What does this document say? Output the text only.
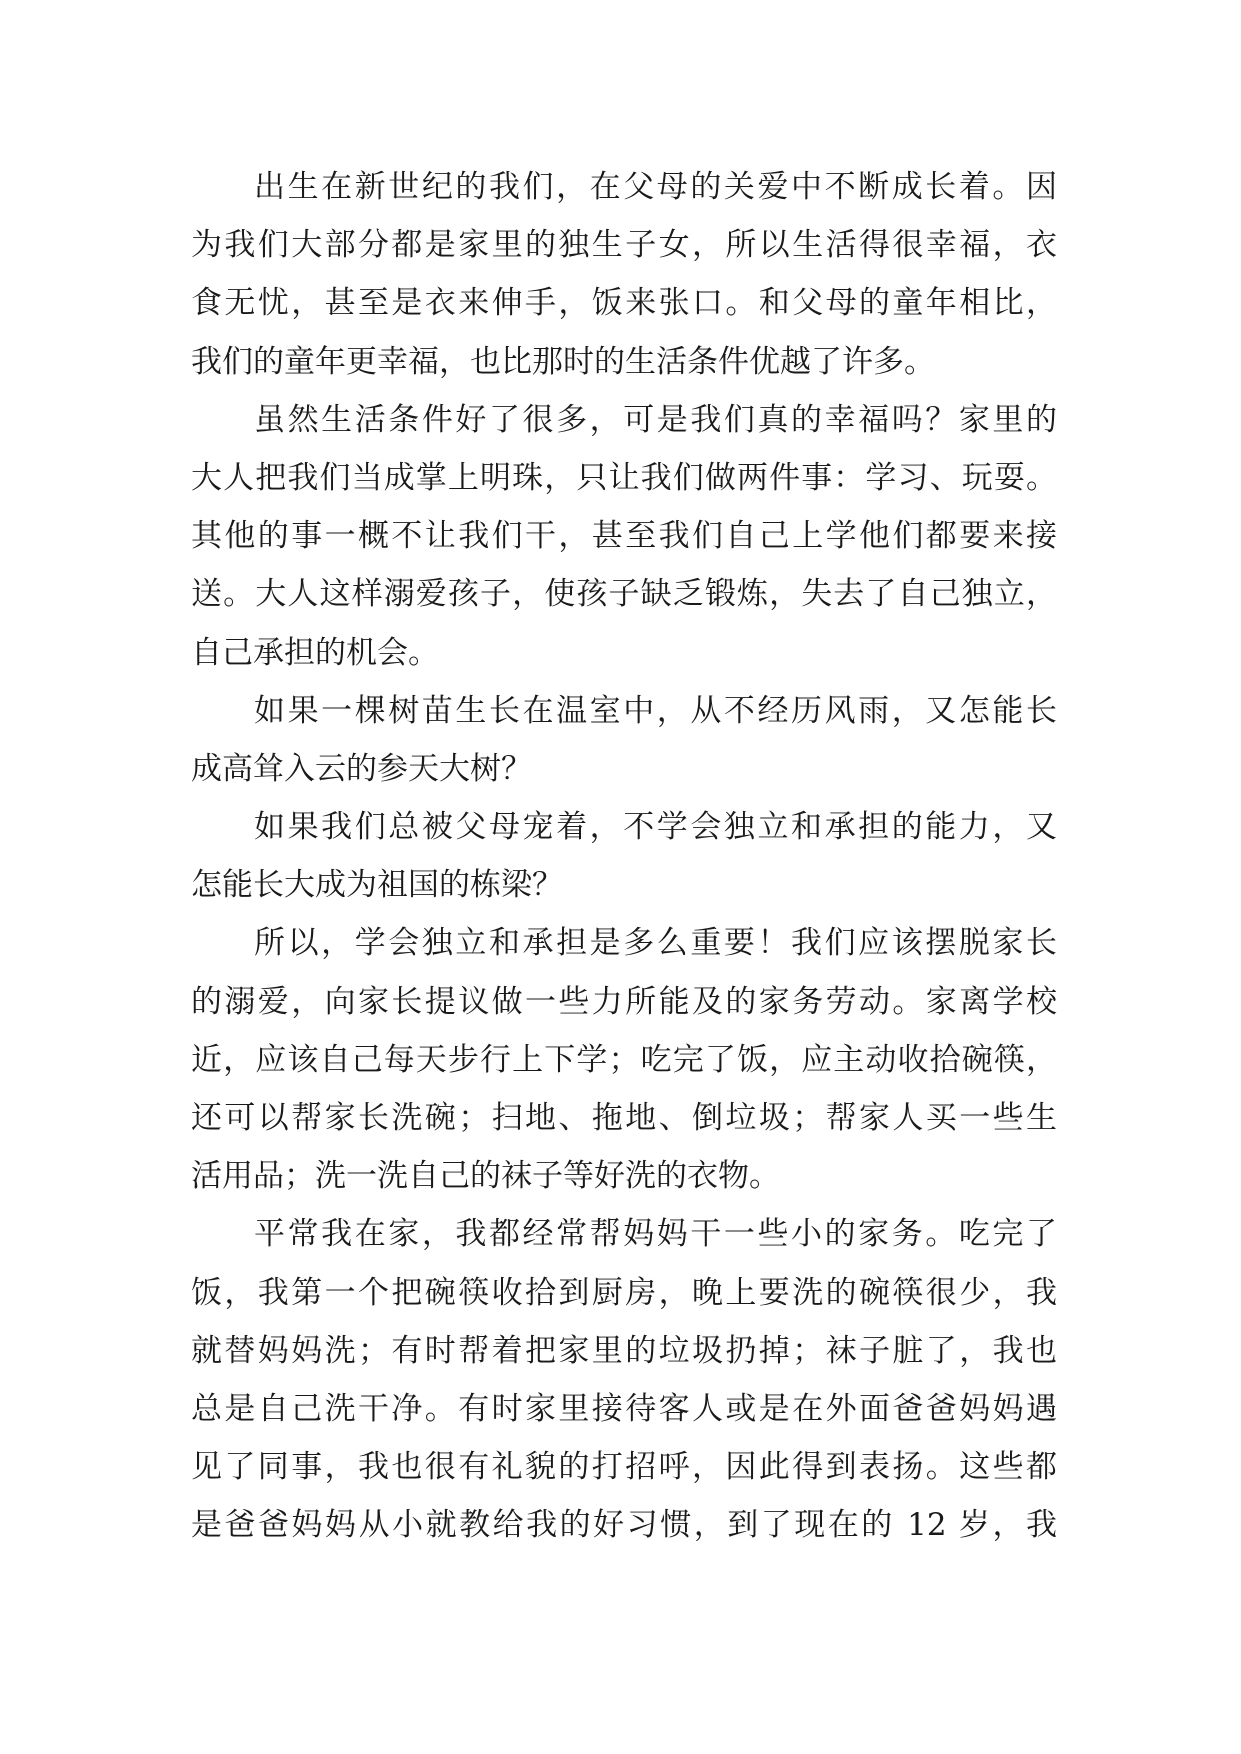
出生在新世纪的我们，在父母的关爱中不断成长着。因
为我们大部分都是家里的独生子女，所以生活得很幸福，衣
食无忧，甚至是衣来伸手，饭来张口。和父母的童年相比，
我们的童年更幸福，也比那时的生活条件优越了许多。
虽然生活条件好了很多，可是我们真的幸福吗？家里的
大人把我们当成掌上明珠，只让我们做两件事：学习、玩耍。
其他的事一概不让我们干，甚至我们自己上学他们都要来接
送。大人这样溺爱孩子，使孩子缺乏锻炼，失去了自己独立，
自己承担的机会。
如果一棵树苗生长在温室中，从不经历风雨，又怎能长
成高耸入云的参天大树？
如果我们总被父母宠着，不学会独立和承担的能力，又
怎能长大成为祖国的栋梁？
所以，学会独立和承担是多么重要！我们应该摆脱家长
的溺爱，向家长提议做一些力所能及的家务劳动。家离学校
近，应该自己每天步行上下学；吃完了饭，应主动收拾碗筷，
还可以帮家长洗碗；扫地、拖地、倒垃圾；帮家人买一些生
活用品；洗一洗自己的袜子等好洗的衣物。
平常我在家，我都经常帮妈妈干一些小的家务。吃完了
饭，我第一个把碗筷收拾到厨房，晚上要洗的碗筷很少，我
就替妈妈洗；有时帮着把家里的垃圾扔掉；袜子脏了，我也
总是自己洗干净。有时家里接待客人或是在外面爸爸妈妈遇
见了同事，我也很有礼貌的打招呼，因此得到表扬。这些都
是爸爸妈妈从小就教给我的好习惯，到了现在的 12 岁，我
